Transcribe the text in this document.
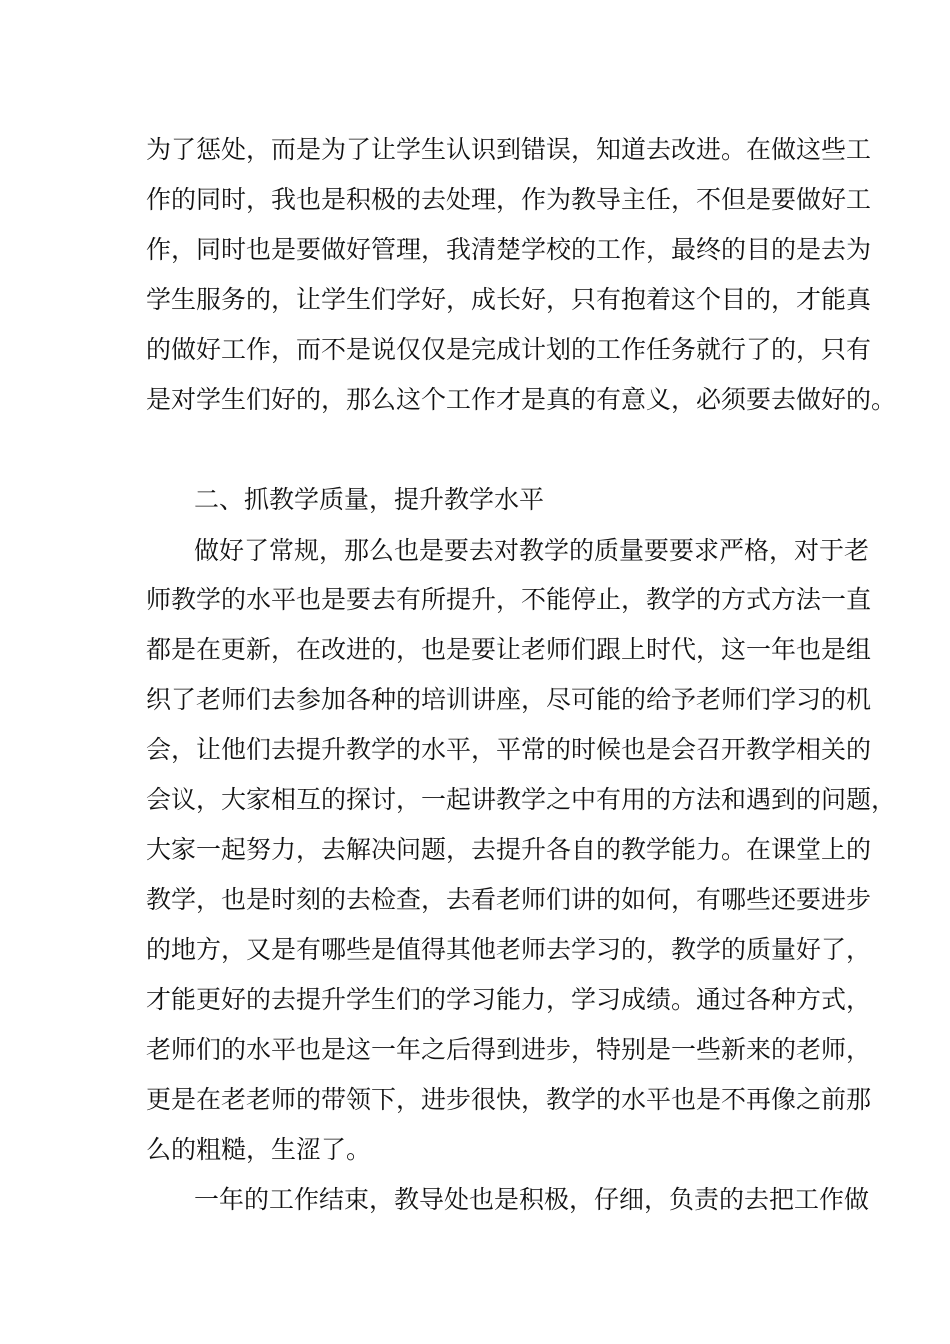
为了惩处，而是为了让学生认识到错误，知道去改进。在做这些工
作的同时，我也是积极的去处理，作为教导主任，不但是要做好工
作，同时也是要做好管理，我清楚学校的工作，最终的目的是去为
学生服务的，让学生们学好，成长好，只有抱着这个目的，才能真
的做好工作，而不是说仅仅是完成计划的工作任务就行了的，只有
是对学生们好的，那么这个工作才是真的有意义，必须要去做好的。
二、抓教学质量，提升教学水平
做好了常规，那么也是要去对教学的质量要要求严格，对于老
师教学的水平也是要去有所提升，不能停止，教学的方式方法一直
都是在更新，在改进的，也是要让老师们跟上时代，这一年也是组
织了老师们去参加各种的培训讲座，尽可能的给予老师们学习的机
会，让他们去提升教学的水平，平常的时候也是会召开教学相关的
会议，大家相互的探讨，一起讲教学之中有用的方法和遇到的问题，
大家一起努力，去解决问题，去提升各自的教学能力。在课堂上的
教学，也是时刻的去检查，去看老师们讲的如何，有哪些还要进步
的地方，又是有哪些是值得其他老师去学习的，教学的质量好了，
才能更好的去提升学生们的学习能力，学习成绩。通过各种方式，
老师们的水平也是这一年之后得到进步，特别是一些新来的老师，
更是在老老师的带领下，进步很快，教学的水平也是不再像之前那
么的粗糙，生涩了。
一年的工作结束，教导处也是积极，仔细，负责的去把工作做
